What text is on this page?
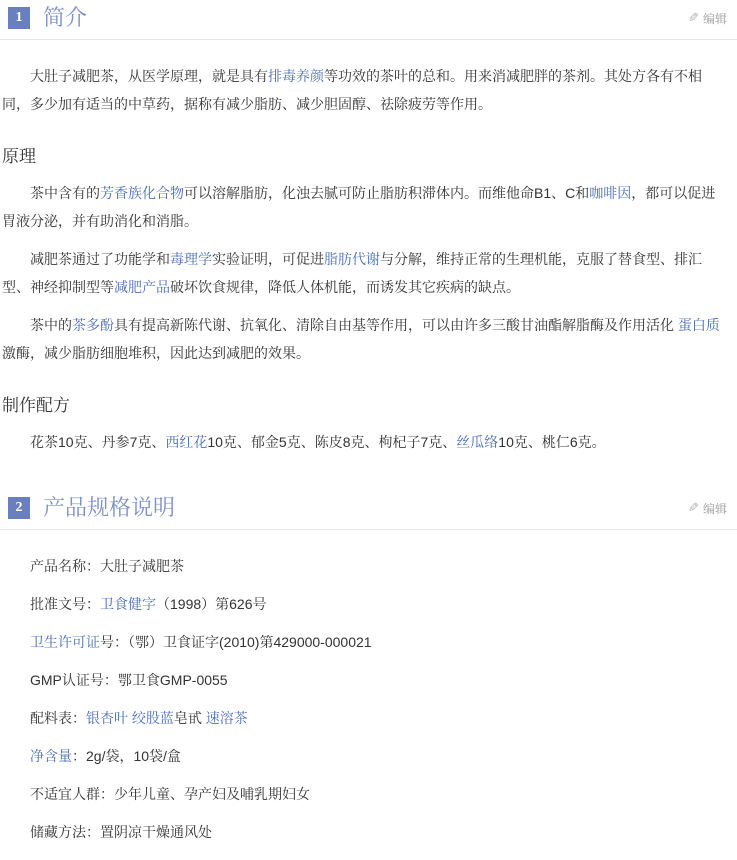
1 简介	✎ 编辑

大肚子减肥茶，从医学原理，就是具有排毒养颜等功效的茶叶的总和。用来消减肥胖的茶剂。其处方各有不相同，多少加有适当的中草药，据称有减少脂肪、减少胆固醇、祛除疲劳等作用。

原理

茶中含有的芳香族化合物可以溶解脂肪，化浊去腻可防止脂肪积滞体内。而维他命B1、C和咖啡因，都可以促进胃液分泌，并有助消化和消脂。

减肥茶通过了功能学和毒理学实验证明，可促进脂肪代谢与分解，维持正常的生理机能，克服了替食型、排汇型、神经抑制型等减肥产品破坏饮食规律，降低人体机能，而诱发其它疾病的缺点。

茶中的茶多酚具有提高新陈代谢、抗氧化、清除自由基等作用，可以由许多三酸甘油酯解脂酶及作用活化 蛋白质激酶，减少脂肪细胞堆积，因此达到减肥的效果。

制作配方

花茶10克、丹参7克、西红花10克、郁金5克、陈皮8克、枸杞子7克、丝瓜络10克、桃仁6克。

2 产品规格说明	✎ 编辑

产品名称：大肚子减肥茶

批准文号：卫食健字（1998）第626号

卫生许可证号：（鄂）卫食证字(2010)第429000-000021

GMP认证号：鄂卫食GMP-0055

配料表：银杏叶 绞股蓝皂甙 速溶茶

净含量：2g/袋，10袋/盒

不适宜人群：少年儿童、孕产妇及哺乳期妇女

储藏方法：置阴凉干燥通风处
